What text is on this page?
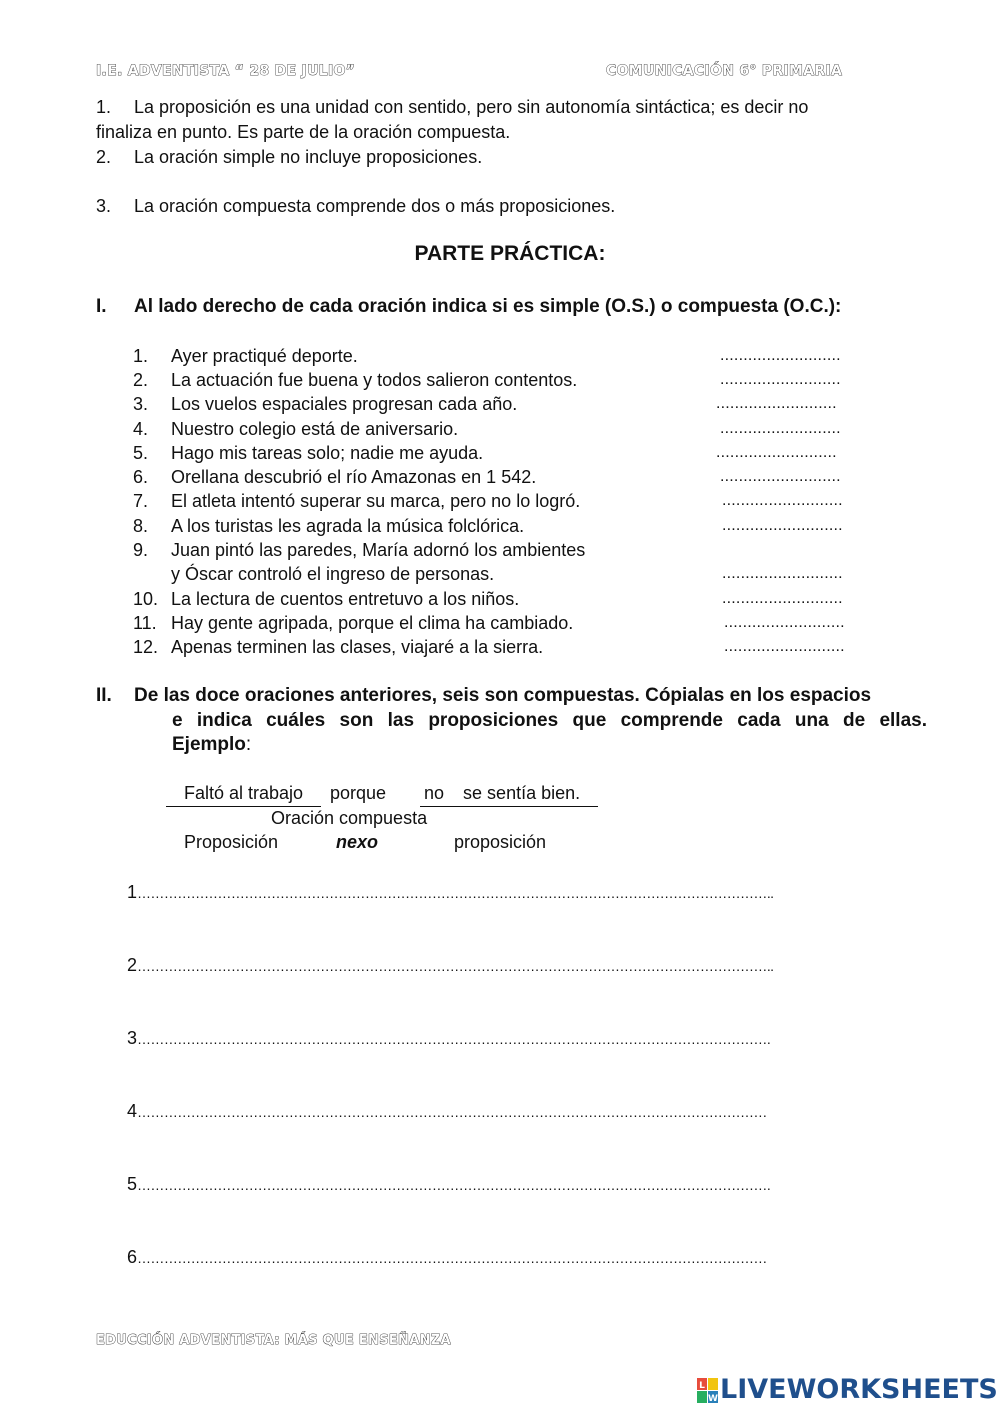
I.E. ADVENTISTA “ 28 DE JULIO”	COMUNICACIÓN 6° PRIMARIA
1. La proposición es una unidad con sentido, pero sin autonomía sintáctica; es decir no
finaliza en punto. Es parte de la oración compuesta.
2. La oración simple no incluye proposiciones.
3. La oración compuesta comprende dos o más proposiciones.
PARTE PRÁCTICA:
I. Al lado derecho de cada oración indica si es simple (O.S.) o compuesta (O.C.):
1. Ayer practiqué deporte.	..........................
2. La actuación fue buena y todos salieron contentos.	..........................
3. Los vuelos espaciales progresan cada año.	..........................
4. Nuestro colegio está de aniversario.	..........................
5. Hago mis tareas solo; nadie me ayuda.	..........................
6. Orellana descubrió el río Amazonas en 1 542.	..........................
7. El atleta intentó superar su marca, pero no lo logró.	..........................
8. A los turistas les agrada la música folclórica.	..........................
9. Juan pintó las paredes, María adornó los ambientes
y Óscar controló el ingreso de personas.	..........................
10. La lectura de cuentos entretuvo a los niños.	..........................
11. Hay gente agripada, porque el clima ha cambiado.	..........................
12. Apenas terminen las clases, viajaré a la sierra.	..........................
II. De las doce oraciones anteriores, seis son compuestas. Cópialas en los espacios
e indica cuáles son las proposiciones que comprende cada una de ellas.
Ejemplo:
Faltó al trabajo	porque no se sentía bien.
Oración compuesta
Proposición	nexo	proposición
1……………………………………………………………………………………………………………………………..
2……………………………………………………………………………………………………………………………..
3…………………………………………………………………………………………………………………………….
4……………………………………………………………………………………………………………………………
5…………………………………………………………………………………………………………………………….
6……………………………………………………………………………………………………………………………
EDUCCIÓN ADVENTISTA: MÁS QUE ENSEÑANZA
L
W LIVEWORKSHEETS
